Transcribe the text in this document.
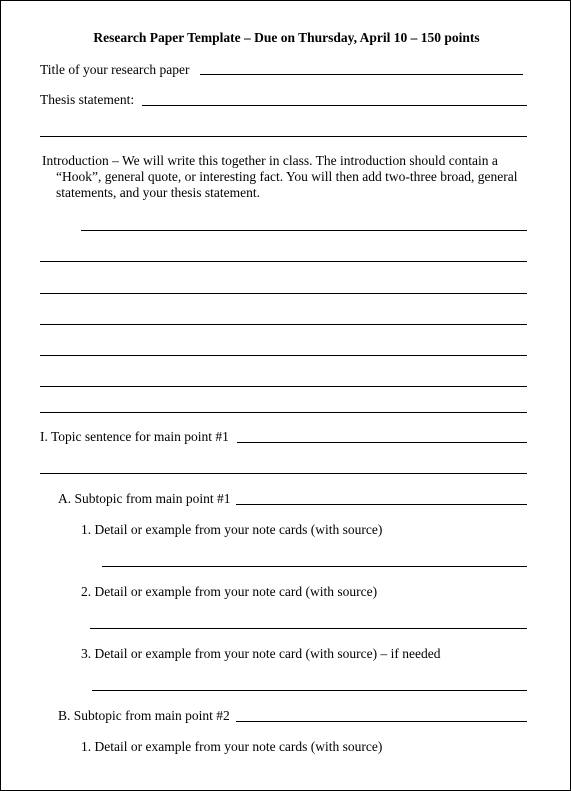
Research Paper Template – Due on Thursday, April 10 – 150 points
Title of your research paper
Thesis statement:
Introduction – We will write this together in class. The introduction should contain a
“Hook”, general quote, or interesting fact. You will then add two-three broad, general
statements, and your thesis statement.
I. Topic sentence for main point #1
A. Subtopic from main point #1
1. Detail or example from your note cards (with source)
2. Detail or example from your note card (with source)
3. Detail or example from your note card (with source) – if needed
B. Subtopic from main point #2
1. Detail or example from your note cards (with source)
